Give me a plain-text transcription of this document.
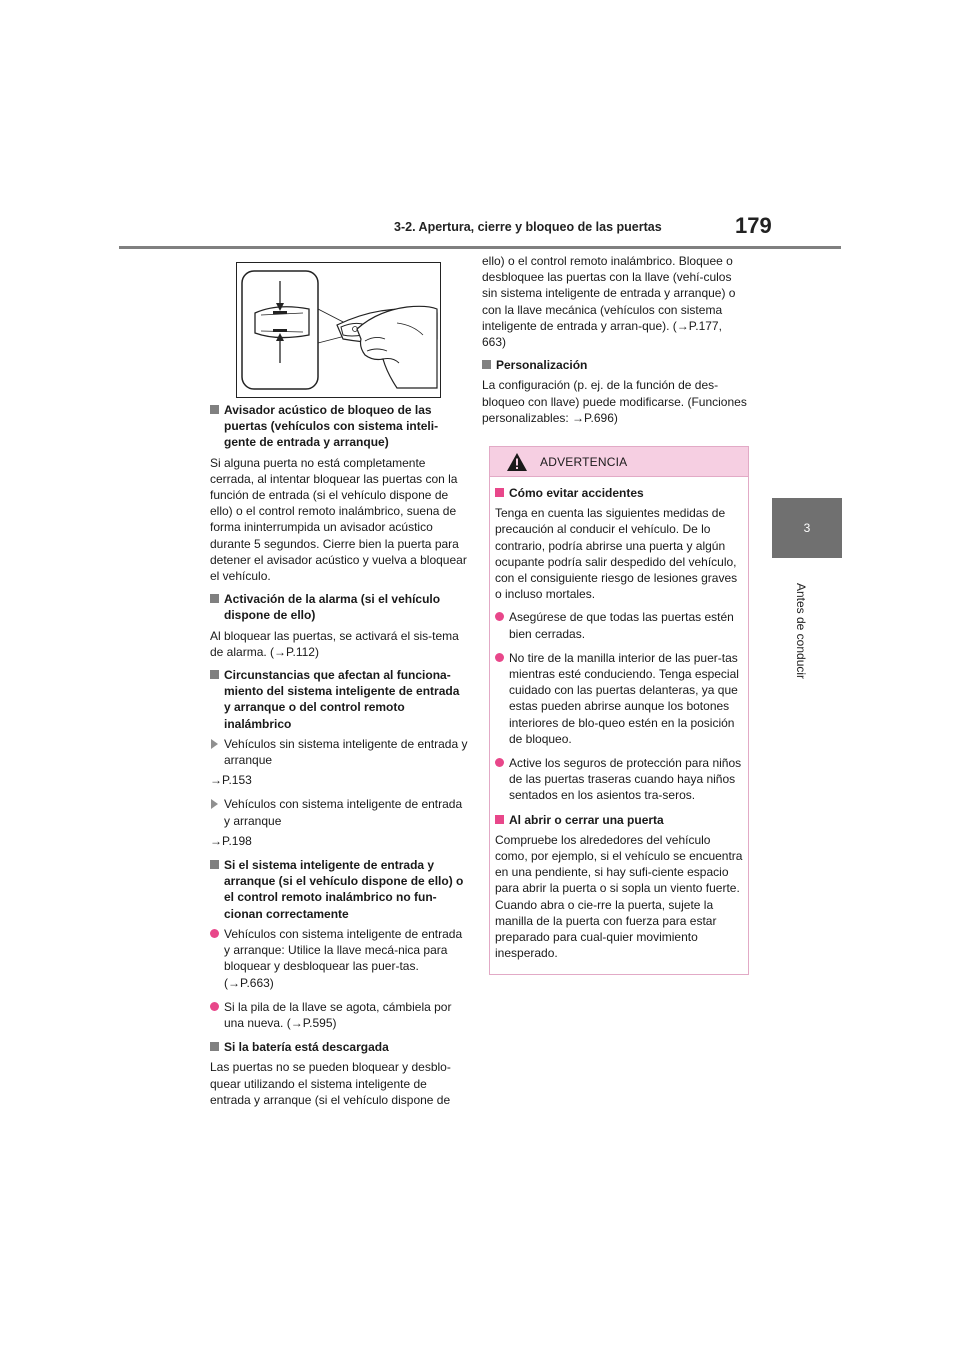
3-2. Apertura, cierre y bloqueo de las puertas	179
3
Antes de conducir
Avisador acústico de bloqueo de las puertas (vehículos con sistema inteli-gente de entrada y arranque)

Si alguna puerta no está completamente cerrada, al intentar bloquear las puertas con la función de entrada (si el vehículo dispone de ello) o el control remoto inalámbrico, suena de forma ininterrumpida un avisador acústico durante 5 segundos. Cierre bien la puerta para detener el avisador acústico y vuelva a bloquear el vehículo.

Activación de la alarma (si el vehículo dispone de ello)

Al bloquear las puertas, se activará el sis-tema de alarma. (→P.112)

Circunstancias que afectan al funciona-miento del sistema inteligente de entrada y arranque o del control remoto inalámbrico
Vehículos sin sistema inteligente de entrada y arranque
→P.153
Vehículos con sistema inteligente de entrada y arranque
→P.198
Si el sistema inteligente de entrada y arranque (si el vehículo dispone de ello) o el control remoto inalámbrico no fun-cionan correctamente
Vehículos con sistema inteligente de entrada y arranque: Utilice la llave mecá-nica para bloquear y desbloquear las puer-tas. (→P.663)
Si la pila de la llave se agota, cámbiela por una nueva. (→P.595)
Si la batería está descargada

Las puertas no se pueden bloquear y desblo-quear utilizando el sistema inteligente de entrada y arranque (si el vehículo dispone de

ello) o el control remoto inalámbrico. Bloquee o desbloquee las puertas con la llave (vehí-culos sin sistema inteligente de entrada y arranque) o con la llave mecánica (vehículos con sistema inteligente de entrada y arran-que). (→P.177, 663)

Personalización

La configuración (p. ej. de la función de des-bloqueo con llave) puede modificarse. (Funciones personalizables: →P.696)

ADVERTENCIA
Cómo evitar accidentes

Tenga en cuenta las siguientes medidas de precaución al conducir el vehículo. De lo contrario, podría abrirse una puerta y algún ocupante podría salir despedido del vehículo, con el consiguiente riesgo de lesiones graves o incluso mortales.

Asegúrese de que todas las puertas estén bien cerradas.
No tire de la manilla interior de las puer-tas mientras esté conduciendo. Tenga especial cuidado con las puertas delanteras, ya que estas pueden abrirse aunque los botones interiores de blo-queo estén en la posición de bloqueo.
Active los seguros de protección para niños de las puertas traseras cuando haya niños sentados en los asientos tra-seros.
Al abrir o cerrar una puerta

Compruebe los alrededores del vehículo como, por ejemplo, si el vehículo se encuentra en una pendiente, si hay sufi-ciente espacio para abrir la puerta o si sopla un viento fuerte. Cuando abra o cie-rre la puerta, sujete la manilla de la puerta con fuerza para estar preparado para cual-quier movimiento inesperado.
